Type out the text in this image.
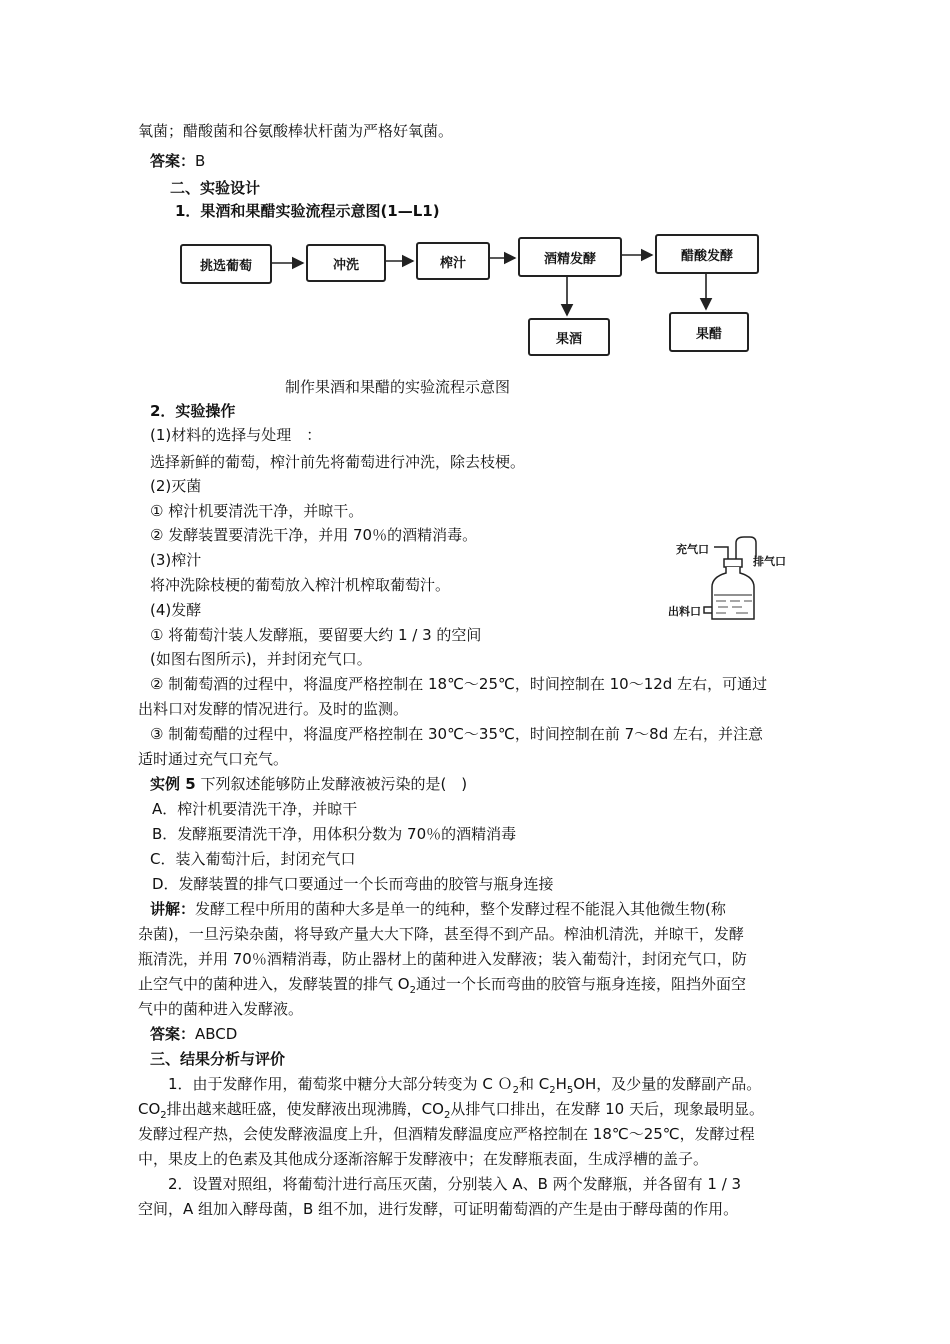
氧菌；醋酸菌和谷氨酸棒状杆菌为严格好氧菌。
答案：B
二、实验设计
1．果酒和果醋实验流程示意图(1—L1)
挑选葡萄	冲洗	榨汁	酒精发酵	醋酸发酵
果酒	果醋
制作果酒和果醋的实验流程示意图
2．实验操作
(1)材料的选择与处理　：
选择新鲜的葡萄，榨汁前先将葡萄进行冲洗，除去枝梗。
(2)灭菌
① 榨汁机要清洗干净，并晾干。
② 发酵装置要清洗干净，并用 70％的酒精消毒。
(3)榨汁
将冲洗除枝梗的葡萄放入榨汁机榨取葡萄汁。
(4)发酵
① 将葡萄汁装人发酵瓶，要留要大约 1 / 3 的空间
(如图右图所示)，并封闭充气口。
充气口
排气口
出料口
② 制葡萄酒的过程中，将温度严格控制在 18℃～25℃，时间控制在 10～12d 左右，可通过
出料口对发酵的情况进行。及时的监测。
③ 制葡萄醋的过程中，将温度严格控制在 30℃～35℃，时间控制在前 7～8d 左右，并注意
适时通过充气口充气。
实例 5 下列叙述能够防止发酵液被污染的是(　)
A．榨汁机要清洗干净，并晾干
B．发酵瓶要清洗干净，用体积分数为 70％的酒精消毒
C．装入葡萄汁后，封闭充气口
D．发酵装置的排气口要通过一个长而弯曲的胶管与瓶身连接
讲解：发酵工程中所用的菌种大多是单一的纯种，整个发酵过程不能混入其他微生物(称
杂菌)，一旦污染杂菌，将导致产量大大下降，甚至得不到产品。榨油机清洗，并晾干，发酵
瓶清洗，并用 70％酒精消毒，防止器材上的菌种进入发酵液；装入葡萄汁，封闭充气口，防
止空气中的菌种进入，发酵装置的排气 $O_2$通过一个长而弯曲的胶管与瓶身连接，阻挡外面空
气中的菌种进入发酵液。
答案：ABCD
三、结果分析与评价
1．由于发酵作用，葡萄浆中糖分大部分转变为 C Ｏ$_2$和 $C_2H_5OH$，及少量的发酵副产品。
$CO_2$排出越来越旺盛，使发酵液出现沸腾，$CO_2$从排气口排出，在发酵 10 天后，现象最明显。
发酵过程产热，会使发酵液温度上升，但酒精发酵温度应严格控制在 18℃～25℃，发酵过程
中，果皮上的色素及其他成分逐渐溶解于发酵液中；在发酵瓶表面，生成浮槽的盖子。
2．设置对照组，将葡萄汁进行高压灭菌，分别装入 A、B 两个发酵瓶，并各留有 1 / 3
空间，A 组加入酵母菌，B 组不加，进行发酵，可证明葡萄酒的产生是由于酵母菌的作用。
